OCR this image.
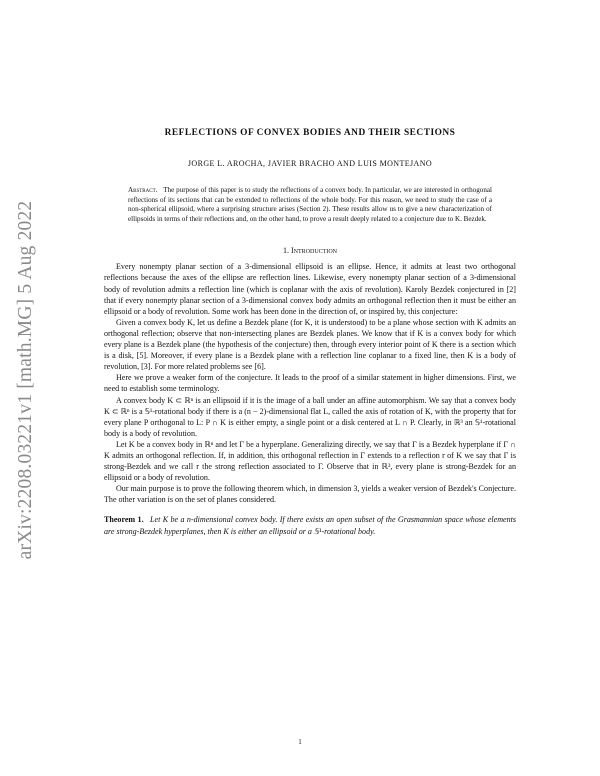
arXiv:2208.03221v1 [math.MG] 5 Aug 2022
REFLECTIONS OF CONVEX BODIES AND THEIR SECTIONS
JORGE L. AROCHA, JAVIER BRACHO AND LUIS MONTEJANO
Abstract. The purpose of this paper is to study the reflections of a convex body. In particular, we are interested in orthogonal reflections of its sections that can be extended to reflections of the whole body. For this reason, we need to study the case of a non-spherical ellipsoid, where a surprising structure arises (Section 2). These results allow us to give a new characterization of ellipsoids in terms of their reflections and, on the other hand, to prove a result deeply related to a conjecture due to K. Bezdek.
1. Introduction

Every nonempty planar section of a 3-dimensional ellipsoid is an ellipse. Hence, it admits at least two orthogonal reflections because the axes of the ellipse are reflection lines. Likewise, every nonempty planar section of a 3-dimensional body of revolution admits a reflection line (which is coplanar with the axis of revolution). Karoly Bezdek conjectured in [2] that if every nonempty planar section of a 3-dimensional convex body admits an orthogonal reflection then it must be either an ellipsoid or a body of revolution. Some work has been done in the direction of, or inspired by, this conjecture:

Given a convex body K, let us define a Bezdek plane (for K, it is understood) to be a plane whose section with K admits an orthogonal reflection; observe that non-intersecting planes are Bezdek planes. We know that if K is a convex body for which every plane is a Bezdek plane (the hypothesis of the conjecture) then, through every interior point of K there is a section which is a disk, [5]. Moreover, if every plane is a Bezdek plane with a reflection line coplanar to a fixed line, then K is a body of revolution, [3]. For more related problems see [6].

Here we prove a weaker form of the conjecture. It leads to the proof of a similar statement in higher dimensions. First, we need to establish some terminology.

A convex body K ⊂ ℝⁿ is an ellipsoid if it is the image of a ball under an affine automorphism. We say that a convex body K ⊂ ℝⁿ is a 𝕊¹-rotational body if there is a (n − 2)-dimensional flat L, called the axis of rotation of K, with the property that for every plane P orthogonal to L: P ∩ K is either empty, a single point or a disk centered at L ∩ P. Clearly, in ℝ³ an 𝕊¹-rotational body is a body of revolution.

Let K be a convex body in ℝⁿ and let Γ be a hyperplane. Generalizing directly, we say that Γ is a Bezdek hyperplane if Γ ∩ K admits an orthogonal reflection. If, in addition, this orthogonal reflection in Γ extends to a reflection r of K we say that Γ is strong-Bezdek and we call r the strong reflection associated to Γ. Observe that in ℝ³, every plane is strong-Bezdek for an ellipsoid or a body of revolution.

Our main purpose is to prove the following theorem which, in dimension 3, yields a weaker version of Bezdek's Conjecture. The other variation is on the set of planes considered.

Theorem 1. Let K be a n-dimensional convex body. If there exists an open subset of the Grasmannian space whose elements are strong-Bezdek hyperplanes, then K is either an ellipsoid or a 𝕊¹-rotational body.
1
